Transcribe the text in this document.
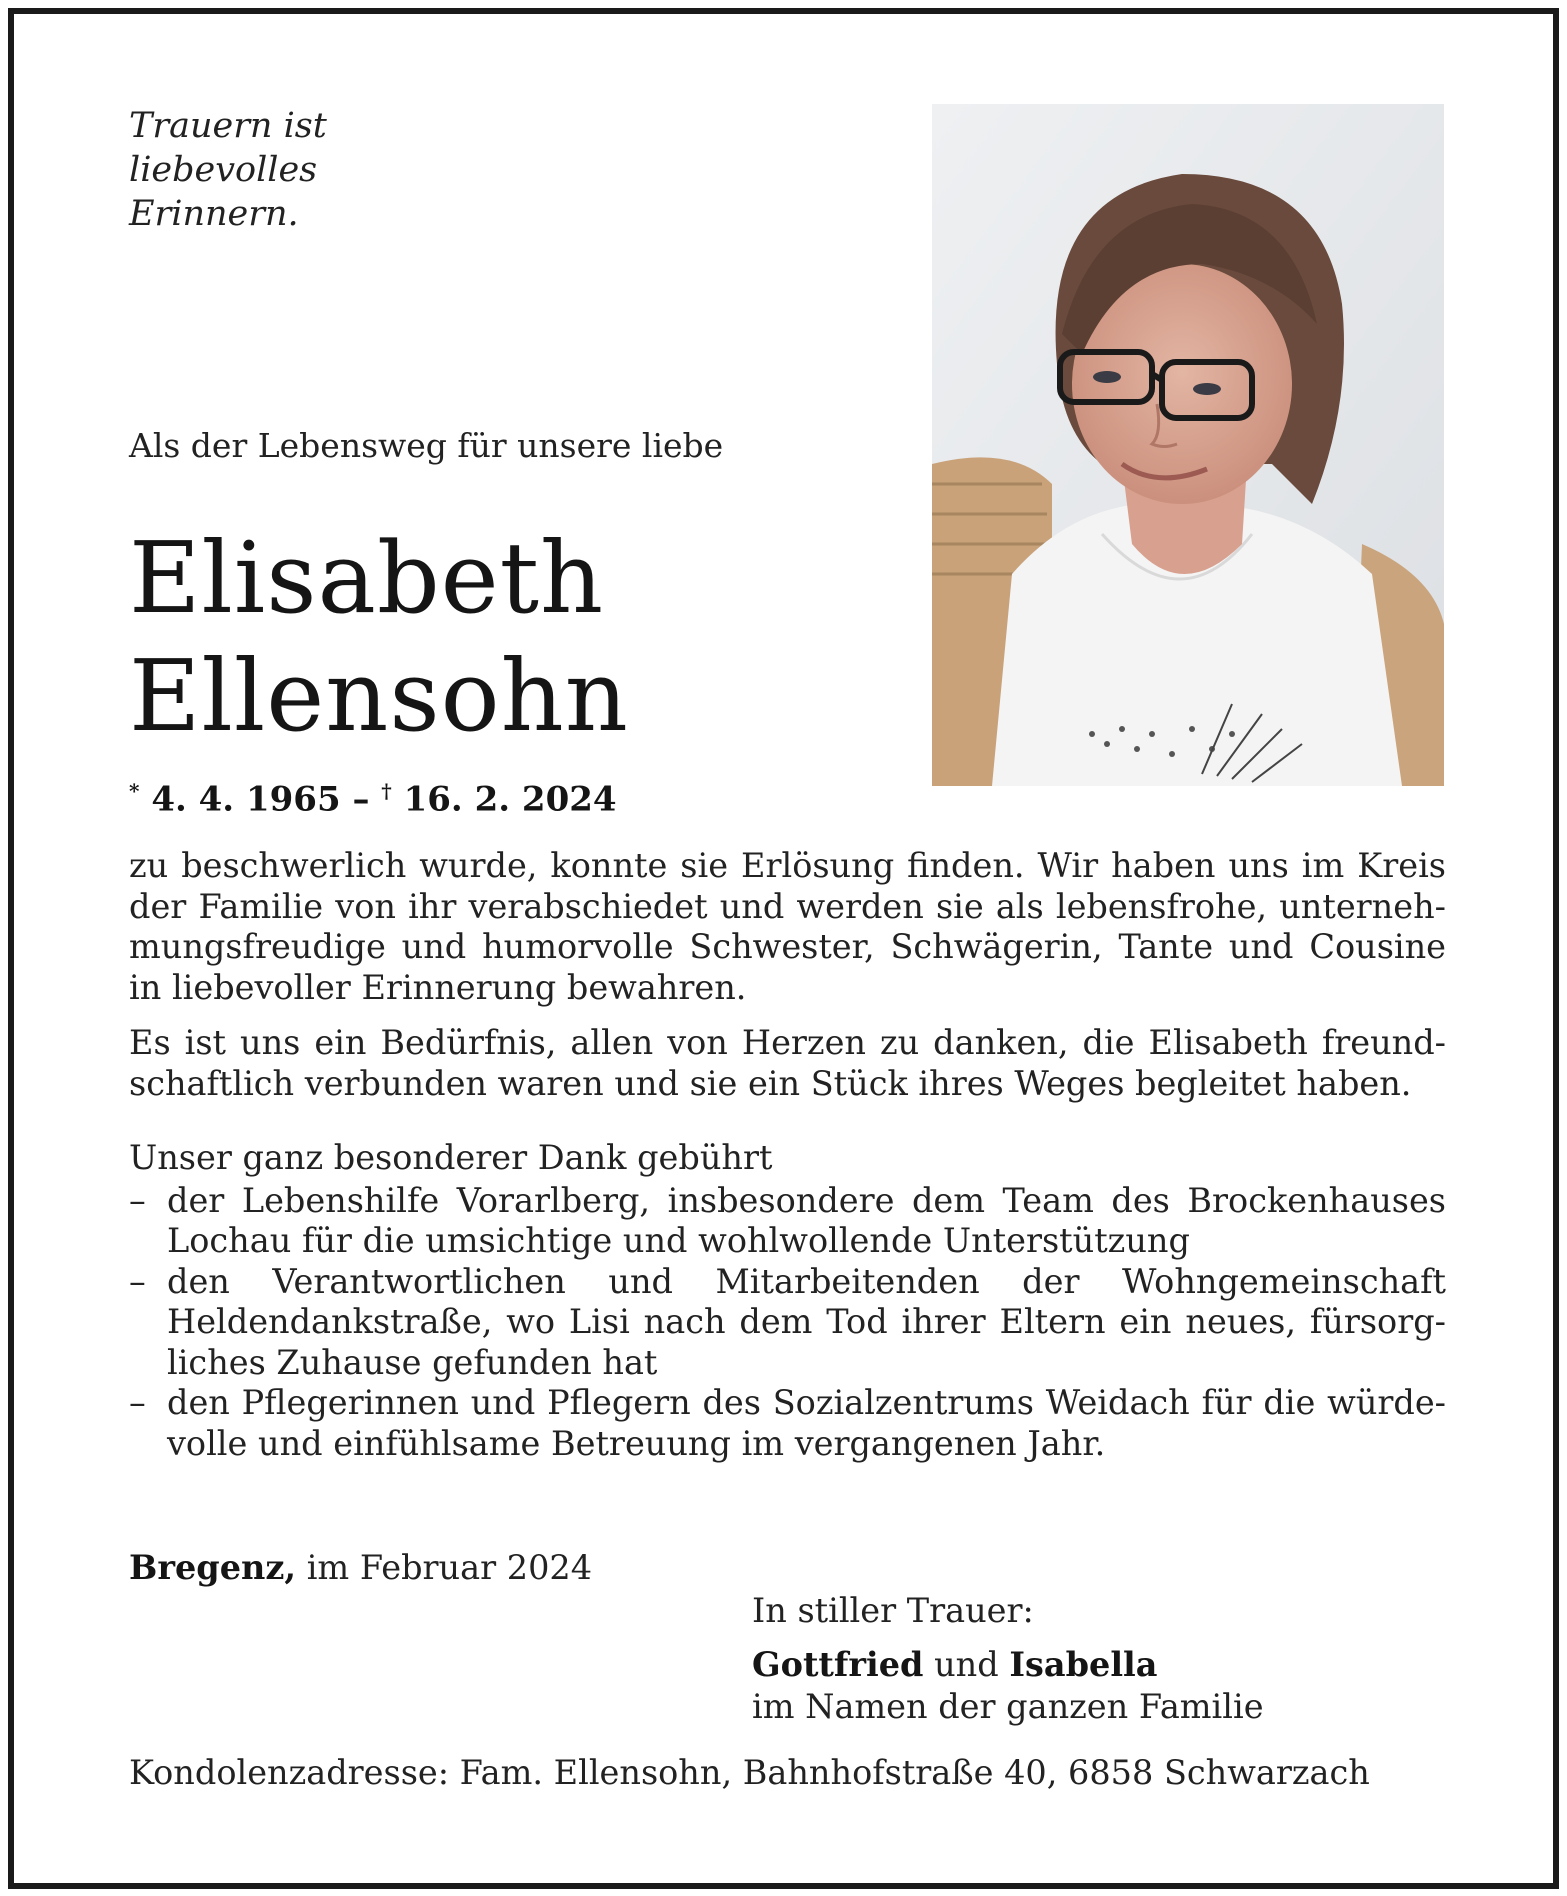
Trauern ist
liebevolles
Erinnern.
Als der Lebensweg für unsere liebe
Elisabeth
Ellensohn
* 4. 4. 1965 – † 16. 2. 2024

zu beschwerlich wurde, konnte sie Erlösung finden. Wir haben uns im Kreis der Familie von ihr verabschiedet und werden sie als lebensfrohe, unternehmungsfreudige und humorvolle Schwester, Schwägerin, Tante und Cousine in liebevoller Erinnerung bewahren.

Es ist uns ein Bedürfnis, allen von Herzen zu danken, die Elisabeth freundschaftlich verbunden waren und sie ein Stück ihres Weges begleitet haben.

Unser ganz besonderer Dank gebührt
– der Lebenshilfe Vorarlberg, insbesondere dem Team des Brockenhauses Lochau für die umsichtige und wohlwollende Unterstützung
– den Verantwortlichen und Mitarbeitenden der Wohngemeinschaft Heldendankstraße, wo Lisi nach dem Tod ihrer Eltern ein neues, fürsorgliches Zuhause gefunden hat
– den Pflegerinnen und Pflegern des Sozialzentrums Weidach für die würdevolle und einfühlsame Betreuung im vergangenen Jahr.
Bregenz, im Februar 2024
In stiller Trauer:
Gottfried und Isabella
im Namen der ganzen Familie
Kondolenzadresse: Fam. Ellensohn, Bahnhofstraße 40, 6858 Schwarzach
